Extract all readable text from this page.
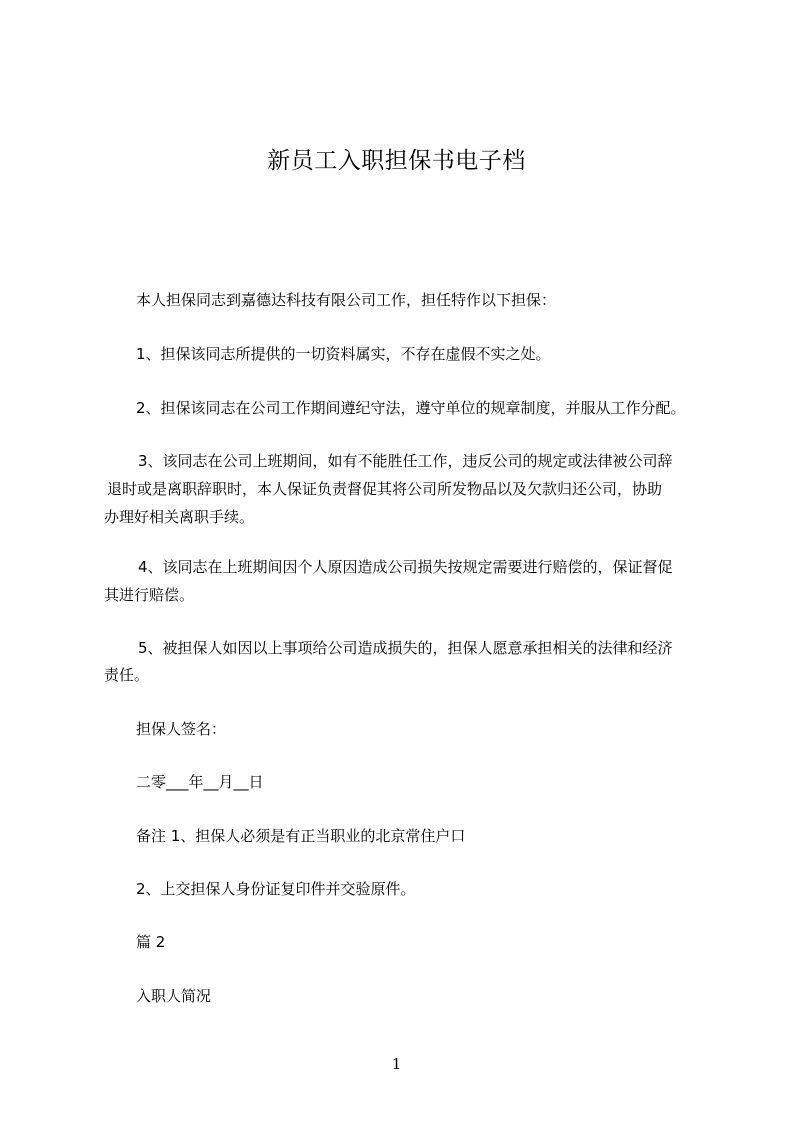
新员工入职担保书电子档
本人担保同志到嘉德达科技有限公司工作，担任特作以下担保：
1、担保该同志所提供的一切资料属实，不存在虚假不实之处。
2、担保该同志在公司工作期间遵纪守法，遵守单位的规章制度，并服从工作分配。
3、该同志在公司上班期间，如有不能胜任工作，违反公司的规定或法律被公司辞
退时或是离职辞职时，本人保证负责督促其将公司所发物品以及欠款归还公司，协助
办理好相关离职手续。
4、该同志在上班期间因个人原因造成公司损失按规定需要进行赔偿的，保证督促
其进行赔偿。
5、被担保人如因以上事项给公司造成损失的，担保人愿意承担相关的法律和经济
责任。
担保人签名：
二零___年__月__日
备注 1、担保人必须是有正当职业的北京常住户口
2、上交担保人身份证复印件并交验原件。
篇 2
入职人简况
1
